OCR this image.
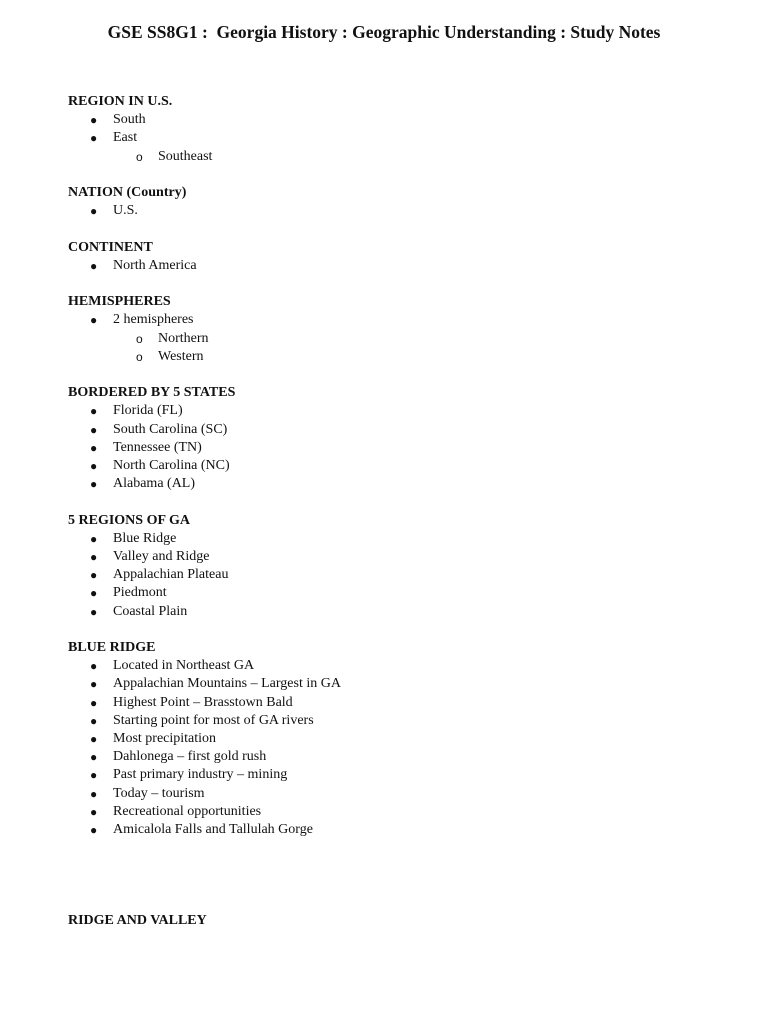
GSE SS8G1 :  Georgia History : Geographic Understanding : Study Notes
REGION IN U.S.
● South
● East
o Southeast
NATION (Country)
● U.S.
CONTINENT
● North America
HEMISPHERES
● 2 hemispheres
o Northern
o Western
BORDERED BY 5 STATES
● Florida (FL)
● South Carolina (SC)
● Tennessee (TN)
● North Carolina (NC)
● Alabama (AL)
5 REGIONS OF GA
● Blue Ridge
● Valley and Ridge
● Appalachian Plateau
● Piedmont
● Coastal Plain
BLUE RIDGE
● Located in Northeast GA
● Appalachian Mountains – Largest in GA
● Highest Point – Brasstown Bald
● Starting point for most of GA rivers
● Most precipitation
● Dahlonega – first gold rush
● Past primary industry – mining
● Today – tourism
● Recreational opportunities
● Amicalola Falls and Tallulah Gorge
RIDGE AND VALLEY
